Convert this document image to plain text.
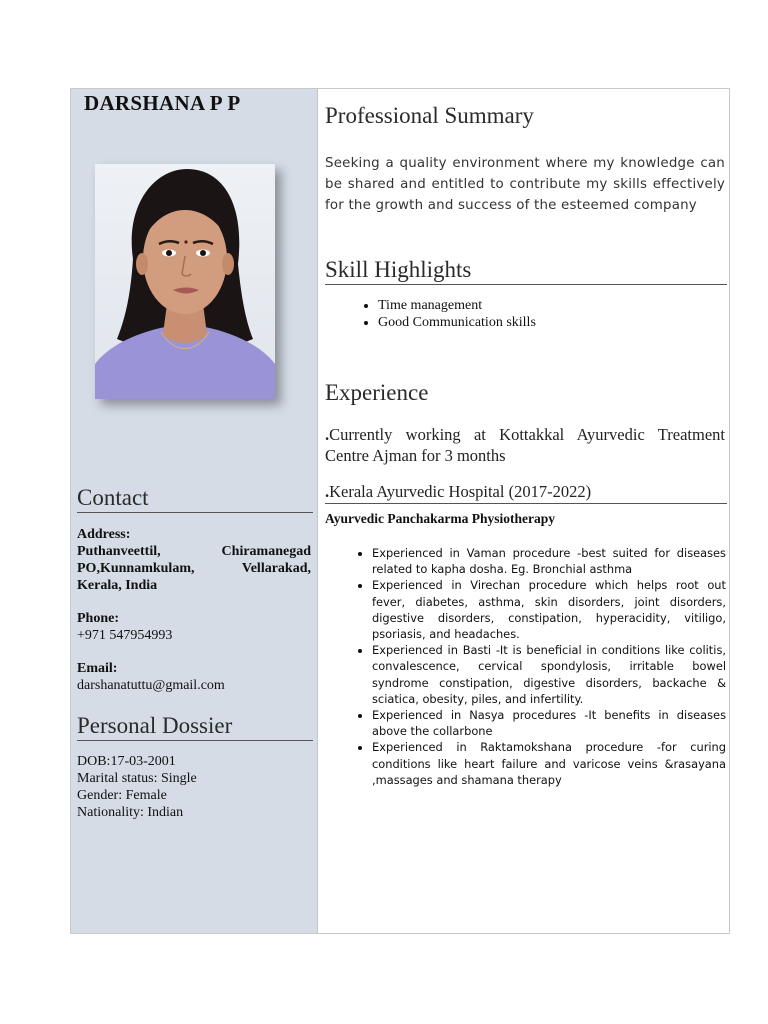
DARSHANA P P
Contact
Address:
Puthanveettil,	Chiramanegad
PO,Kunnamkulam,	Vellarakad,
Kerala, India
Phone:
+971 547954993
Email:
darshanatuttu@gmail.com
Personal Dossier
DOB:17-03-2001
Marital status: Single
Gender: Female
Nationality: Indian
Professional Summary
Seeking a quality environment where my knowledge can be shared and entitled to contribute my skills effectively for the growth and success of the esteemed company
Skill Highlights
• Time management
• Good Communication skills
Experience
.Currently working at Kottakkal Ayurvedic Treatment Centre Ajman for 3 months
.Kerala Ayurvedic Hospital (2017-2022)
Ayurvedic Panchakarma Physiotherapy
• Experienced in Vaman procedure -best suited for diseases related to kapha dosha. Eg. Bronchial asthma
• Experienced in Virechan procedure which helps root out fever, diabetes, asthma, skin disorders, joint disorders, digestive disorders, constipation, hyperacidity, vitiligo, psoriasis, and headaches.
• Experienced in Basti -It is beneficial in conditions like colitis, convalescence, cervical spondylosis, irritable bowel syndrome constipation, digestive disorders, backache & sciatica, obesity, piles, and infertility.
• Experienced in Nasya procedures -It benefits in diseases above the collarbone
• Experienced in Raktamokshana procedure -for curing conditions like heart failure and varicose veins &rasayana ,massages and shamana therapy
